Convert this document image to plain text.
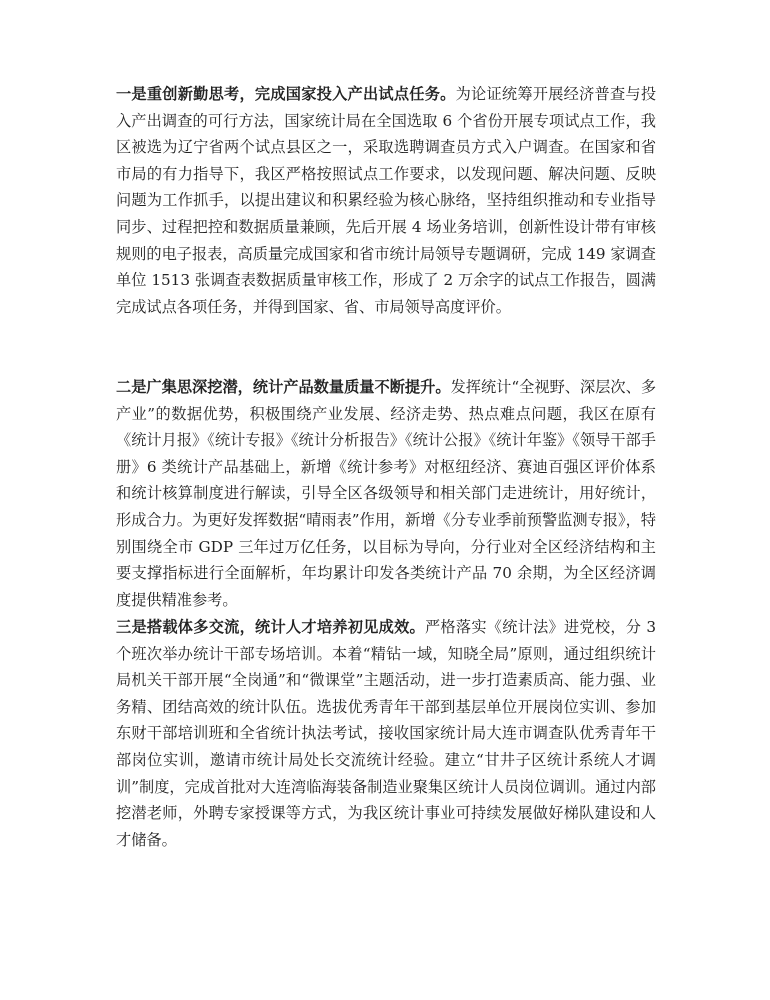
一是重创新勤思考，完成国家投入产出试点任务。为论证统筹开展经济普查与投入产出调查的可行方法，国家统计局在全国选取 6 个省份开展专项试点工作，我区被选为辽宁省两个试点县区之一，采取选聘调查员方式入户调查。在国家和省市局的有力指导下，我区严格按照试点工作要求，以发现问题、解决问题、反映问题为工作抓手，以提出建议和积累经验为核心脉络，坚持组织推动和专业指导同步、过程把控和数据质量兼顾，先后开展 4 场业务培训，创新性设计带有审核规则的电子报表，高质量完成国家和省市统计局领导专题调研，完成 149 家调查单位 1513 张调查表数据质量审核工作，形成了 2 万余字的试点工作报告，圆满完成试点各项任务，并得到国家、省、市局领导高度评价。

二是广集思深挖潜，统计产品数量质量不断提升。发挥统计“全视野、深层次、多产业”的数据优势，积极围绕产业发展、经济走势、热点难点问题，我区在原有《统计月报》《统计专报》《统计分析报告》《统计公报》《统计年鉴》《领导干部手册》6 类统计产品基础上，新增《统计参考》对枢纽经济、赛迪百强区评价体系和统计核算制度进行解读，引导全区各级领导和相关部门走进统计，用好统计，形成合力。为更好发挥数据“晴雨表”作用，新增《分专业季前预警监测专报》，特别围绕全市 GDP 三年过万亿任务，以目标为导向，分行业对全区经济结构和主要支撑指标进行全面解析，年均累计印发各类统计产品 70 余期，为全区经济调度提供精准参考。

三是搭载体多交流，统计人才培养初见成效。严格落实《统计法》进党校，分 3 个班次举办统计干部专场培训。本着“精钻一域，知晓全局”原则，通过组织统计局机关干部开展“全岗通”和“微课堂”主题活动，进一步打造素质高、能力强、业务精、团结高效的统计队伍。选拔优秀青年干部到基层单位开展岗位实训、参加东财干部培训班和全省统计执法考试，接收国家统计局大连市调查队优秀青年干部岗位实训，邀请市统计局处长交流统计经验。建立“甘井子区统计系统人才调训”制度，完成首批对大连湾临海装备制造业聚集区统计人员岗位调训。通过内部挖潜老师，外聘专家授课等方式，为我区统计事业可持续发展做好梯队建设和人才储备。
